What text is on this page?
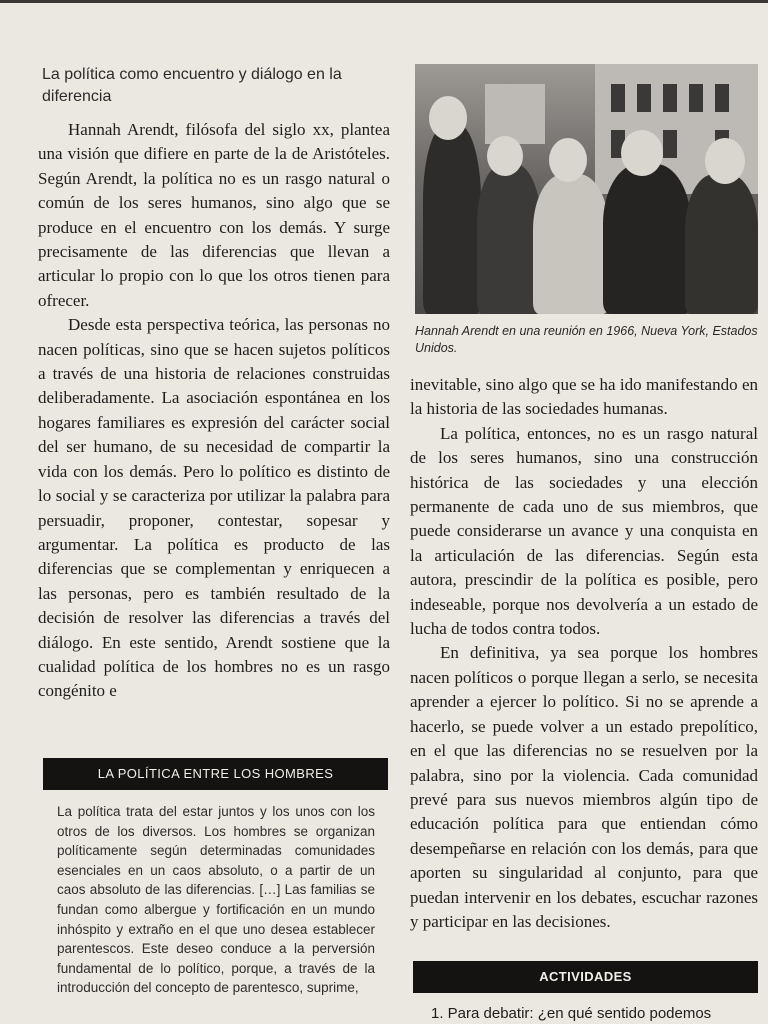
La política como encuentro y diálogo en la diferencia

Hannah Arendt, filósofa del siglo xx, plantea una visión que difiere en parte de la de Aristóteles. Según Arendt, la política no es un rasgo natural o común de los seres humanos, sino algo que se produce en el encuentro con los demás. Y surge precisamente de las diferencias que llevan a articular lo propio con lo que los otros tienen para ofrecer.

Desde esta perspectiva teórica, las personas no nacen políticas, sino que se hacen sujetos políticos a través de una historia de relaciones construidas deliberadamente. La asociación espontánea en los hogares familiares es expresión del carácter social del ser humano, de su necesidad de compartir la vida con los demás. Pero lo político es distinto de lo social y se caracteriza por utilizar la palabra para persuadir, proponer, contestar, sopesar y argumentar. La política es producto de las diferencias que se complementan y enriquecen a las personas, pero es también resultado de la decisión de resolver las diferencias a través del diálogo. En este sentido, Arendt sostiene que la cualidad política de los hombres no es un rasgo congénito e

Hannah Arendt en una reunión en 1966, Nueva York, Estados Unidos.

inevitable, sino algo que se ha ido manifestando en la historia de las sociedades humanas.

La política, entonces, no es un rasgo natural de los seres humanos, sino una construcción histórica de las sociedades y una elección permanente de cada uno de sus miembros, que puede considerarse un avance y una conquista en la articulación de las diferencias. Según esta autora, prescindir de la política es posible, pero indeseable, porque nos devolvería a un estado de lucha de todos contra todos.

En definitiva, ya sea porque los hombres nacen políticos o porque llegan a serlo, se necesita aprender a ejercer lo político. Si no se aprende a hacerlo, se puede volver a un estado prepolítico, en el que las diferencias no se resuelven por la palabra, sino por la violencia. Cada comunidad prevé para sus nuevos miembros algún tipo de educación política para que entiendan cómo desempeñarse en relación con los demás, para que aporten su singularidad al conjunto, para que puedan intervenir en los debates, escuchar razones y participar en las decisiones.

LA POLÍTICA ENTRE LOS HOMBRES

La política trata del estar juntos y los unos con los otros de los diversos. Los hombres se organizan políticamente según determinadas comunidades esenciales en un caos absoluto, o a partir de un caos absoluto de las diferencias. […] Las familias se fundan como albergue y fortificación en un mundo inhóspito y extraño en el que uno desea establecer parentescos. Este deseo conduce a la perversión fundamental de lo político, porque, a través de la introducción del concepto de parentesco, suprime,

ACTIVIDADES
1. Para debatir: ¿en qué sentido podemos
